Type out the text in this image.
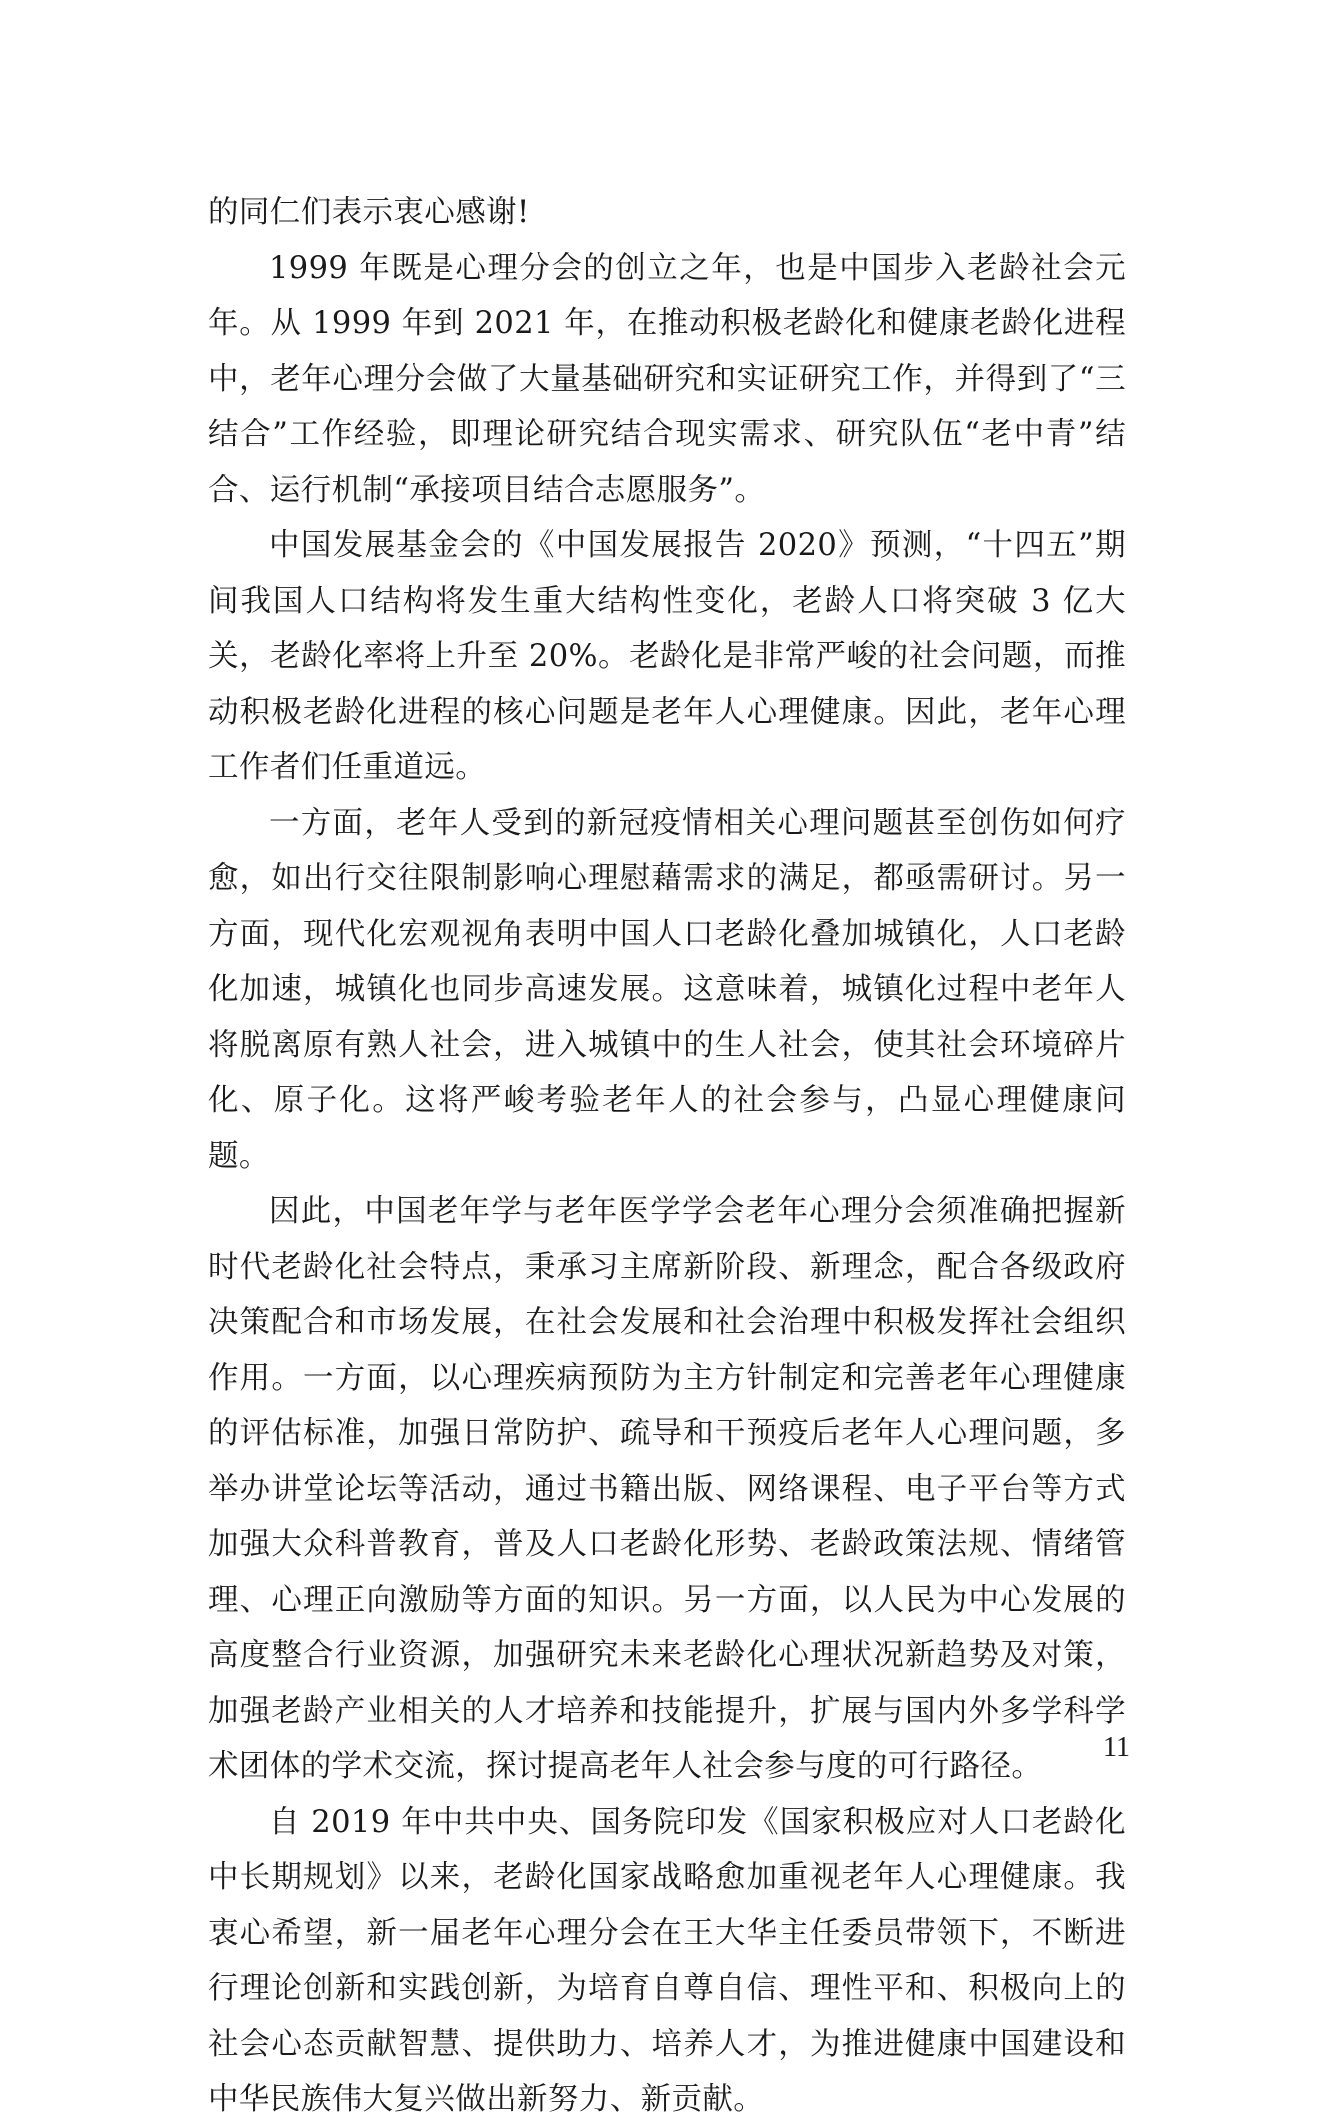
的同仁们表示衷心感谢!

1999 年既是心理分会的创立之年，也是中国步入老龄社会元年。从 1999 年到 2021 年，在推动积极老龄化和健康老龄化进程中，老年心理分会做了大量基础研究和实证研究工作，并得到了“三结合”工作经验，即理论研究结合现实需求、研究队伍“老中青”结合、运行机制“承接项目结合志愿服务”。

中国发展基金会的《中国发展报告 2020》预测，“十四五”期间我国人口结构将发生重大结构性变化，老龄人口将突破 3 亿大关，老龄化率将上升至 20%。老龄化是非常严峻的社会问题，而推动积极老龄化进程的核心问题是老年人心理健康。因此，老年心理工作者们任重道远。

一方面，老年人受到的新冠疫情相关心理问题甚至创伤如何疗愈，如出行交往限制影响心理慰藉需求的满足，都亟需研讨。另一方面，现代化宏观视角表明中国人口老龄化叠加城镇化，人口老龄化加速，城镇化也同步高速发展。这意味着，城镇化过程中老年人将脱离原有熟人社会，进入城镇中的生人社会，使其社会环境碎片化、原子化。这将严峻考验老年人的社会参与，凸显心理健康问题。

因此，中国老年学与老年医学学会老年心理分会须准确把握新时代老龄化社会特点，秉承习主席新阶段、新理念，配合各级政府决策配合和市场发展，在社会发展和社会治理中积极发挥社会组织作用。一方面，以心理疾病预防为主方针制定和完善老年心理健康的评估标准，加强日常防护、疏导和干预疫后老年人心理问题，多举办讲堂论坛等活动，通过书籍出版、网络课程、电子平台等方式加强大众科普教育，普及人口老龄化形势、老龄政策法规、情绪管理、心理正向激励等方面的知识。另一方面，以人民为中心发展的高度整合行业资源，加强研究未来老龄化心理状况新趋势及对策，加强老龄产业相关的人才培养和技能提升，扩展与国内外多学科学术团体的学术交流，探讨提高老年人社会参与度的可行路径。

自 2019 年中共中央、国务院印发《国家积极应对人口老龄化中长期规划》以来，老龄化国家战略愈加重视老年人心理健康。我衷心希望，新一届老年心理分会在王大华主任委员带领下，不断进行理论创新和实践创新，为培育自尊自信、理性平和、积极向上的社会心态贡献智慧、提供助力、培养人才，为推进健康中国建设和中华民族伟大复兴做出新努力、新贡献。

11
